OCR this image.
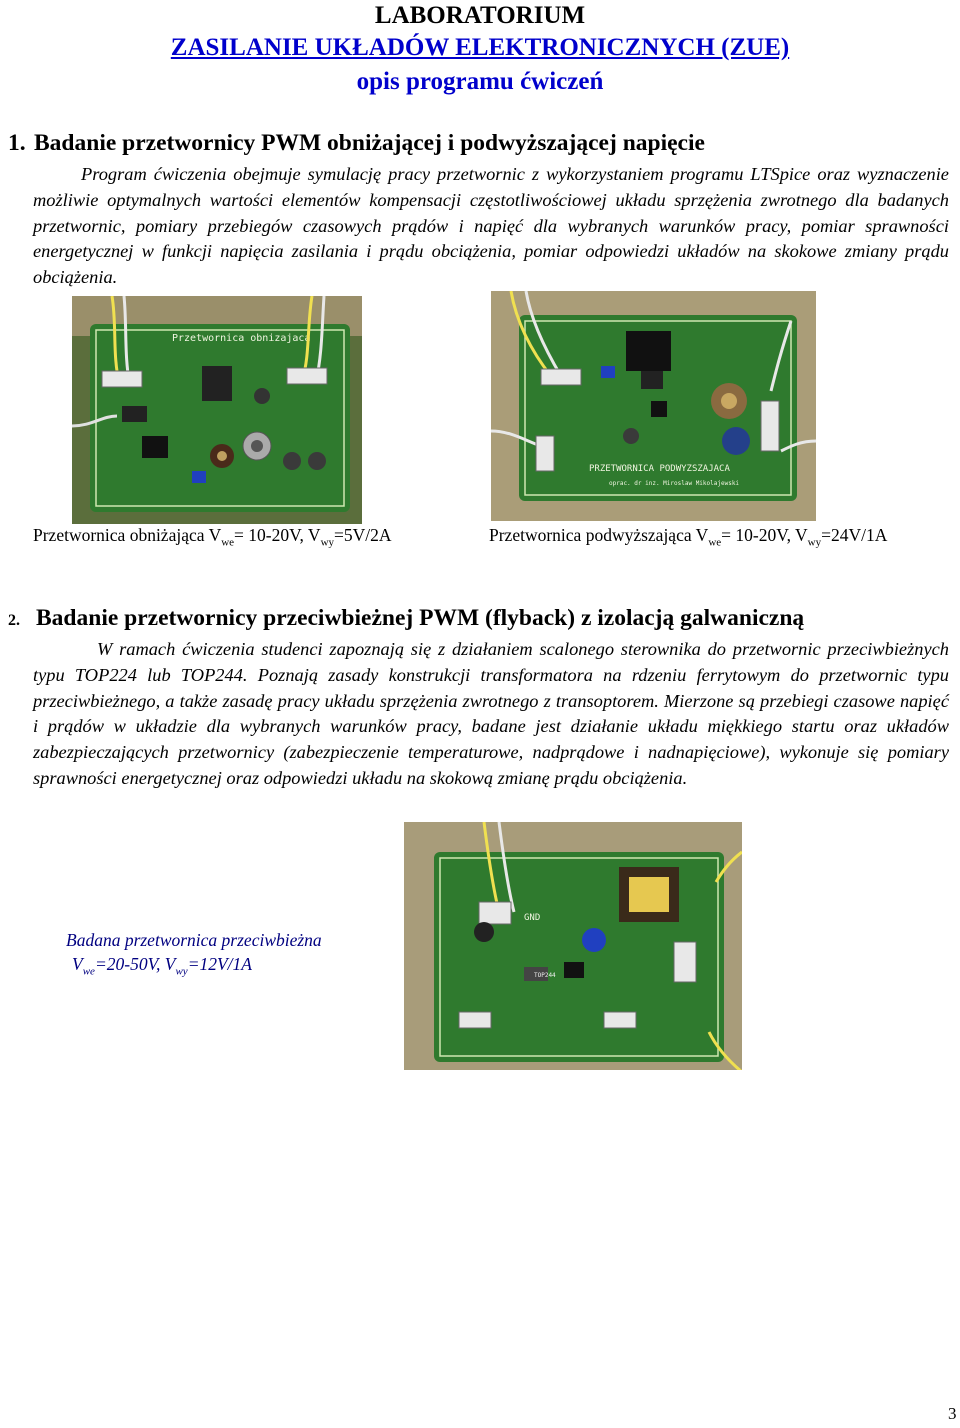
LABORATORIUM
ZASILANIE UKŁADÓW ELEKTRONICZNYCH (ZUE)
opis programu ćwiczeń
1. Badanie przetwornicy PWM obniżającej i podwyższającej napięcie

Program ćwiczenia obejmuje symulację pracy przetwornic z wykorzystaniem programu LTSpice oraz wyznaczenie możliwie optymalnych wartości elementów kompensacji częstotliwościowej układu sprzężenia zwrotnego dla badanych przetwornic, pomiary przebiegów czasowych prądów i napięć dla wybranych warunków pracy, pomiar sprawności energetycznej w funkcji napięcia zasilania i prądu obciążenia, pomiar odpowiedzi układów na skokowe zmiany prądu obciążenia.

Przetwornica obnizajaca
PRZETWORNICA PODWYZSZAJACA
oprac. dr inz. Miroslaw Mikolajewski
Przetwornica obniżająca $V_{we}= 10-20V$, $V_{wy}=5V/2A$	Przetwornica podwyższająca $V_{we}= 10-20V$, $V_{wy}=24V/1A$
2. Badanie przetwornicy przeciwbieżnej PWM (flyback) z izolacją galwaniczną

W ramach ćwiczenia studenci zapoznają się z działaniem scalonego sterownika do przetwornic przeciwbieżnych typu TOP224 lub TOP244. Poznają zasady konstrukcji transformatora na rdzeniu ferrytowym do przetwornic typu przeciwbieżnego, a także zasadę pracy układu sprzężenia zwrotnego z transoptorem. Mierzone są przebiegi czasowe napięć i prądów w układzie dla wybranych warunków pracy, badane jest działanie układu miękkiego startu oraz układów zabezpieczających przetwornicy (zabezpieczenie temperaturowe, nadprądowe i nadnapięciowe), wykonuje się pomiary sprawności energetycznej oraz odpowiedzi układu na skokową zmianę prądu obciążenia.

TOP244
GND
Badana przetwornica przeciwbieżna
$V_{we}=20-50V$, $V_{wy}=12V/1A$
3
